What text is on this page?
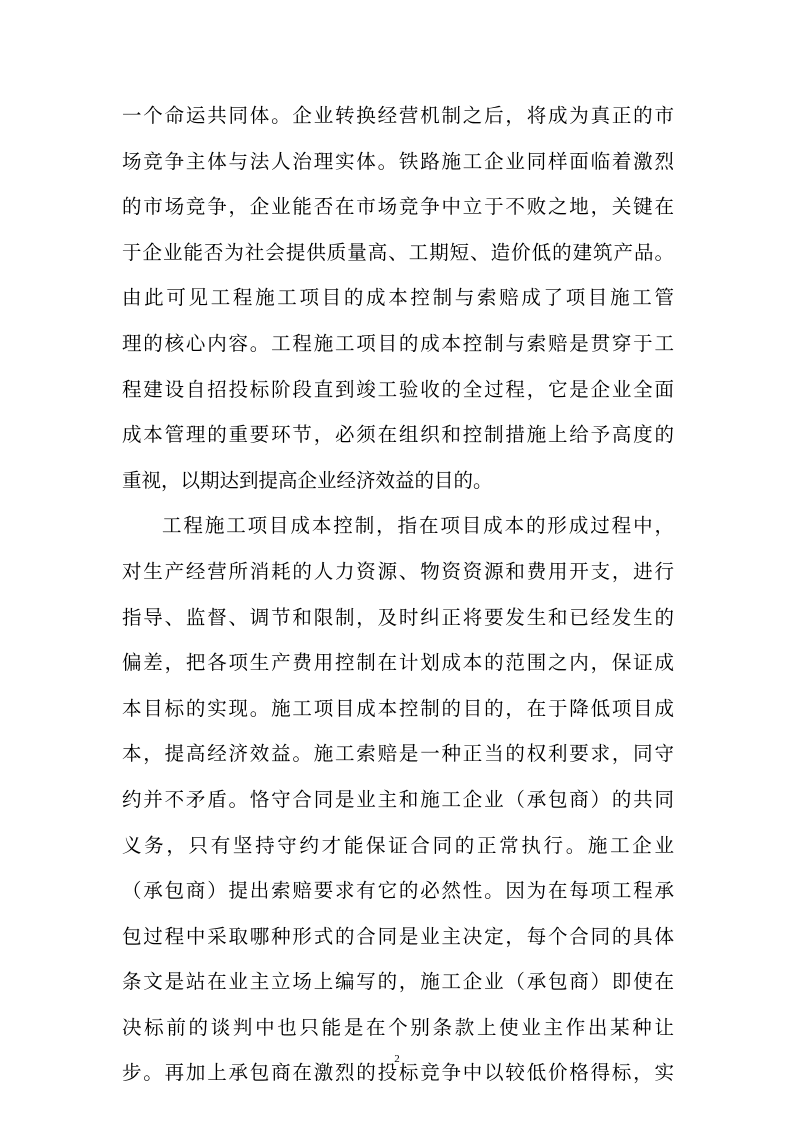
一个命运共同体。企业转换经营机制之后，将成为真正的市
场竞争主体与法人治理实体。铁路施工企业同样面临着激烈
的市场竞争，企业能否在市场竞争中立于不败之地，关键在
于企业能否为社会提供质量高、工期短、造价低的建筑产品。
由此可见工程施工项目的成本控制与索赔成了项目施工管
理的核心内容。工程施工项目的成本控制与索赔是贯穿于工
程建设自招投标阶段直到竣工验收的全过程，它是企业全面
成本管理的重要环节，必须在组织和控制措施上给予高度的
重视，以期达到提高企业经济效益的目的。
工程施工项目成本控制，指在项目成本的形成过程中，
对生产经营所消耗的人力资源、物资资源和费用开支，进行
指导、监督、调节和限制，及时纠正将要发生和已经发生的
偏差，把各项生产费用控制在计划成本的范围之内，保证成
本目标的实现。施工项目成本控制的目的，在于降低项目成
本，提高经济效益。施工索赔是一种正当的权利要求，同守
约并不矛盾。恪守合同是业主和施工企业（承包商）的共同
义务，只有坚持守约才能保证合同的正常执行。施工企业
（承包商）提出索赔要求有它的必然性。因为在每项工程承
包过程中采取哪种形式的合同是业主决定，每个合同的具体
条文是站在业主立场上编写的，施工企业（承包商）即使在
决标前的谈判中也只能是在个别条款上使业主作出某种让
步。再加上承包商在激烈的投标竞争中以较低价格得标，实
2
